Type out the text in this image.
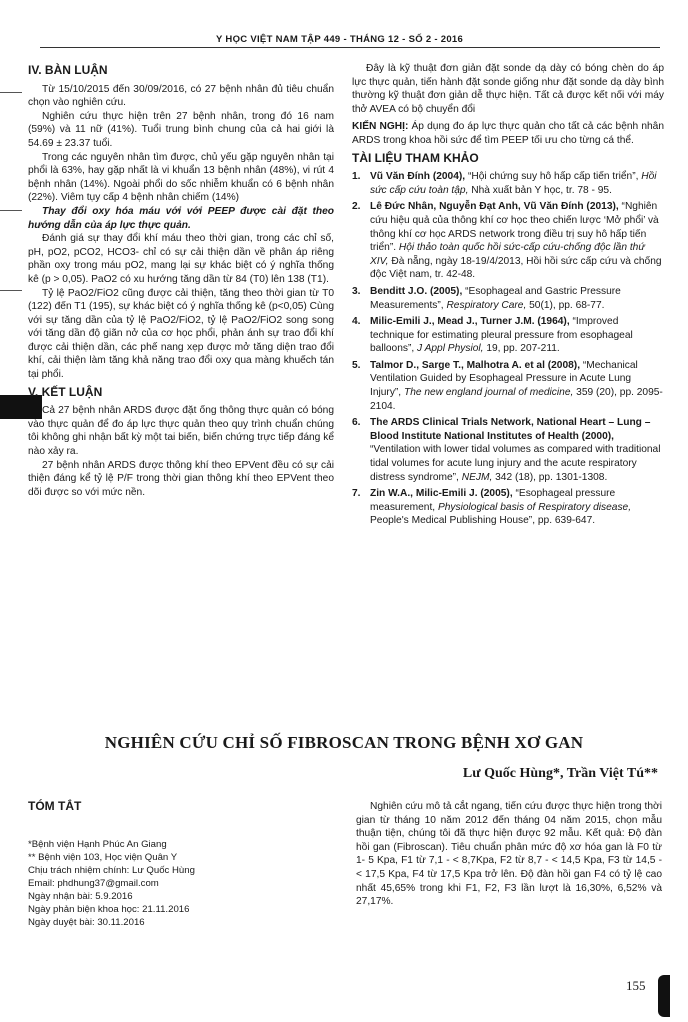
Y HỌC VIỆT NAM TẬP 449 - THÁNG 12 - SỐ 2 - 2016
IV. BÀN LUẬN

Từ 15/10/2015 đến 30/09/2016, có 27 bệnh nhân đủ tiêu chuẩn chọn vào nghiên cứu.

Nghiên cứu thực hiện trên 27 bệnh nhân, trong đó 16 nam (59%) và 11 nữ (41%). Tuổi trung bình chung của cả hai giới là 54.69 ± 23.37 tuổi.

Trong các nguyên nhân tìm được, chủ yếu gặp nguyên nhân tại phổi là 63%, hay gặp nhất là vi khuẩn 13 bệnh nhân (48%), vi rút 4 bệnh nhân (14%). Ngoài phổi do sốc nhiễm khuẩn có 6 bệnh nhân (22%). Viêm tụy cấp 4 bệnh nhân chiếm (14%)

Thay đổi oxy hóa máu với với PEEP được cài đặt theo hướng dẫn của áp lực thực quản.

Đánh giá sự thay đổi khí máu theo thời gian, trong các chỉ số, pH, pO2, pCO2, HCO3- chỉ có sự cải thiện dần về phân áp riêng phần oxy trong máu pO2, mang lại sự khác biệt có ý nghĩa thống kê (p > 0,05). PaO2 có xu hướng tăng dần từ 84 (T0) lên 138 (T1).

Tỷ lệ PaO2/FiO2 cũng được cải thiện, tăng theo thời gian từ T0 (122) đến T1 (195), sự khác biệt có ý nghĩa thống kê (p<0,05) Cùng với sự tăng dần của tỷ lệ PaO2/FiO2, tỷ lệ PaO2/FiO2 song song với tăng dần độ giãn nở của cơ học phổi, phản ánh sự trao đổi khí được cải thiện dần, các phế nang xẹp được mở tăng diện trao đổi khí, cải thiện làm tăng khả năng trao đổi oxy qua màng khuếch tán tại phổi.

V. KẾT LUẬN

Cả 27 bệnh nhân ARDS được đặt ống thông thực quản có bóng vào thực quản để đo áp lực thực quản theo quy trình chuẩn chúng tôi không ghi nhận bất kỳ một tai biến, biến chứng trực tiếp đáng kể nào xảy ra.

27 bệnh nhân ARDS được thông khí theo EPVent đều có sự cải thiện đáng kể tỷ lệ P/F trong thời gian thông khí theo EPVent theo dõi được so với mức nền.

Đây là kỹ thuật đơn giản đặt sonde dạ dày có bóng chèn do áp lực thực quản, tiến hành đặt sonde giống như đặt sonde dạ dày bình thường kỹ thuật đơn giản dễ thực hiện. Tất cả được kết nối với máy thở AVEA có bộ chuyển đổi

KIẾN NGHỊ: Áp dụng đo áp lực thực quản cho tất cả các bệnh nhân ARDS trong khoa hồi sức để tìm PEEP tối ưu cho từng cá thể.

TÀI LIỆU THAM KHẢO
1. Vũ Văn Đính (2004), “Hội chứng suy hô hấp cấp tiến triển”, Hồi sức cấp cứu toàn tập, Nhà xuất bản Y học, tr. 78 - 95.
2. Lê Đức Nhân, Nguyễn Đạt Anh, Vũ Văn Đính (2013), “Nghiên cứu hiệu quả của thông khí cơ học theo chiến lược ‘Mở phổi’ và thông khí cơ học ARDS network trong điều trị suy hô hấp tiến triển”. Hội thảo toàn quốc hồi sức-cấp cứu-chống độc lần thứ XIV, Đà nẵng, ngày 18-19/4/2013, Hồi hồi sức cấp cứu và chống độc Việt nam, tr. 42-48.
3. Benditt J.O. (2005), “Esophageal and Gastric Pressure Measurements”, Respiratory Care, 50(1), pp. 68-77.
4. Milic-Emili J., Mead J., Turner J.M. (1964), “Improved technique for estimating pleural pressure from esophageal balloons”, J Appl Physiol, 19, pp. 207-211.
5. Talmor D., Sarge T., Malhotra A. et al (2008), “Mechanical Ventilation Guided by Esophageal Pressure in Acute Lung Injury”, The new england journal of medicine, 359 (20), pp. 2095-2104.
6. The ARDS Clinical Trials Network, National Heart – Lung – Blood Institute National Institutes of Health (2000), “Ventilation with lower tidal volumes as compared with traditional tidal volumes for acute lung injury and the acute respiratory distress syndrome”, NEJM, 342 (18), pp. 1301-1308.
7. Zin W.A., Milic-Emili J. (2005), “Esophageal pressure measurement, Physiological basis of Respiratory disease, People's Medical Publishing House”, pp. 639-647.
NGHIÊN CỨU CHỈ SỐ FIBROSCAN TRONG BỆNH XƠ GAN
Lư Quốc Hùng*, Trần Việt Tú**
TÓM TẮT
*Bệnh viện Hạnh Phúc An Giang
** Bệnh viện 103, Học viện Quân Y
Chịu trách nhiệm chính: Lư Quốc Hùng
Email: phdhung37@gmail.com
Ngày nhận bài: 5.9.2016
Ngày phản biện khoa học: 21.11.2016
Ngày duyệt bài: 30.11.2016

Nghiên cứu mô tả cắt ngang, tiến cứu được thực hiện trong thời gian từ tháng 10 năm 2012 đến tháng 04 năm 2015, chọn mẫu thuận tiện, chúng tôi đã thực hiện được 92 mẫu. Kết quả: Độ đàn hồi gan (Fibroscan). Tiêu chuẩn phân mức độ xơ hóa gan là F0 từ 1- 5 Kpa, F1 từ 7,1 - < 8,7Kpa, F2 từ 8,7 - < 14,5 Kpa, F3 từ 14,5 - < 17,5 Kpa, F4 từ 17,5 Kpa trở lên. Độ đàn hồi gan F4 có tỷ lệ cao nhất 45,65% trong khi F1, F2, F3 lần lượt là 16,30%, 6,52% và 27,17%.

155
